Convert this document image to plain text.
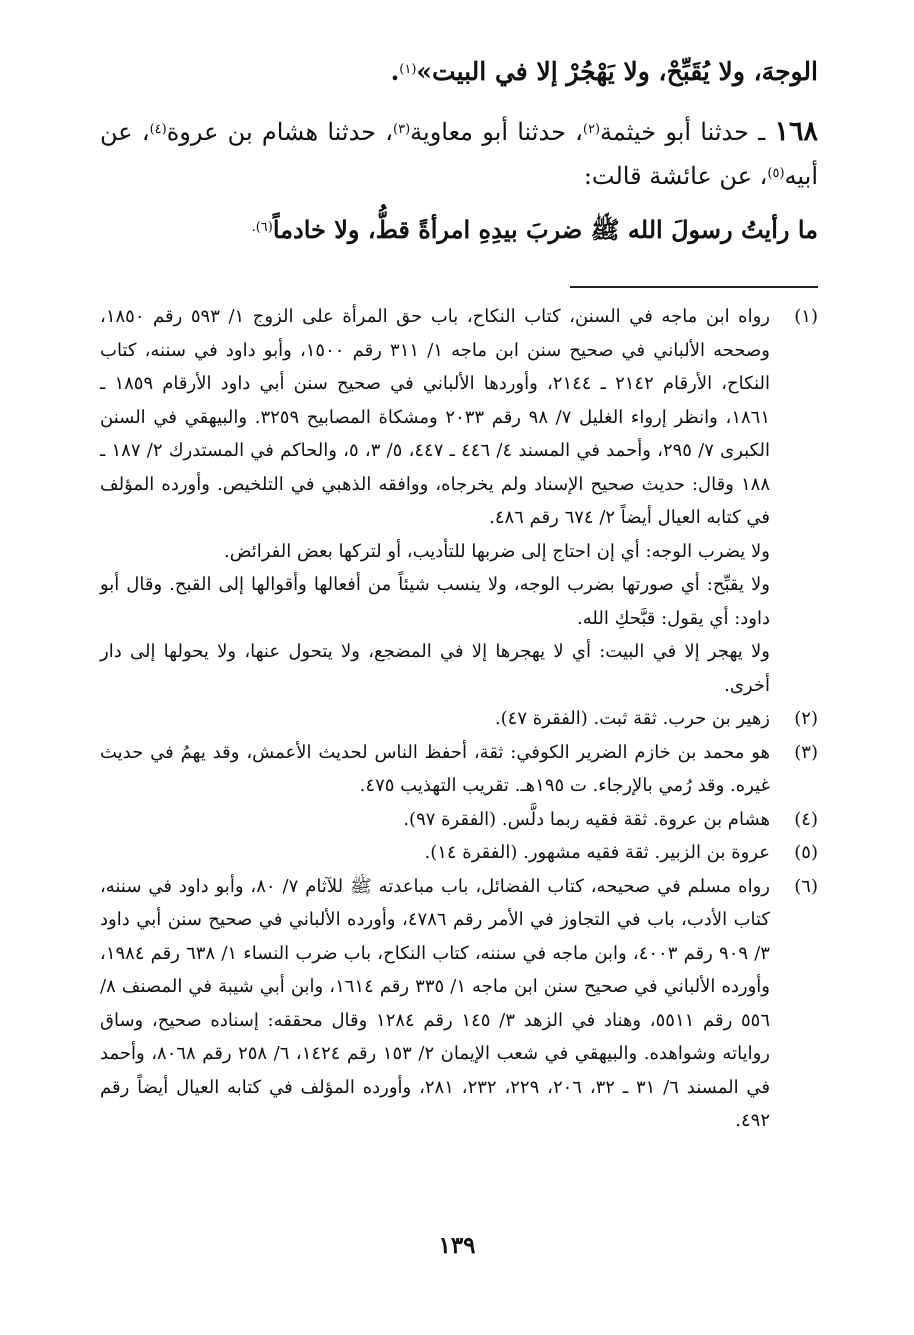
الوجهَ، ولا يُقَبِّحْ، ولا يَهْجُرْ إلا في البيت»$^{(١)}$.

١٦٨ ـ حدثنا أبو خيثمة$^{(٢)}$، حدثنا أبو معاوية$^{(٣)}$، حدثنا هشام بن عروة$^{(٤)}$، عن أبيه$^{(٥)}$، عن عائشة قالت:

ما رأيتُ رسولَ الله ﷺ ضربَ بيدِهِ امرأةً قطُّ، ولا خادماً$^{(٦).}$

(١)
رواه ابن ماجه في السنن، كتاب النكاح، باب حق المرأة على الزوج ١/ ٥٩٣ رقم ١٨٥٠، وصححه الألباني في صحيح سنن ابن ماجه ١/ ٣١١ رقم ١٥٠٠، وأبو داود في سننه، كتاب النكاح، الأرقام ٢١٤٢ ـ ٢١٤٤، وأوردها الألباني في صحيح سنن أبي داود الأرقام ١٨٥٩ ـ ١٨٦١، وانظر إرواء الغليل ٧/ ٩٨ رقم ٢٠٣٣ ومشكاة المصابيح ٣٢٥٩. والبيهقي في السنن الكبرى ٧/ ٢٩٥، وأحمد في المسند ٤/ ٤٤٦ ـ ٤٤٧، ٥/ ٣، ٥، والحاكم في المستدرك ٢/ ١٨٧ ـ ١٨٨ وقال: حديث صحيح الإسناد ولم يخرجاه، ووافقه الذهبي في التلخيص. وأورده المؤلف في كتابه العيال أيضاً ٢/ ٦٧٤ رقم ٤٨٦.
ولا يضرب الوجه: أي إن احتاج إلى ضربها للتأديب، أو لتركها بعض الفرائض.
ولا يقبِّح: أي صورتها بضرب الوجه، ولا ينسب شيئاً من أفعالها وأقوالها إلى القبح. وقال أبو داود: أي يقول: قبَّحكِ الله.
ولا يهجر إلا في البيت: أي لا يهجرها إلا في المضجع، ولا يتحول عنها، ولا يحولها إلى دار أخرى.
(٢)
زهير بن حرب. ثقة ثبت. (الفقرة ٤٧).
(٣)
هو محمد بن خازم الضرير الكوفي: ثقة، أحفظ الناس لحديث الأعمش، وقد يهمُ في حديث غيره. وقد رُمي بالإرجاء. ت ١٩٥هـ. تقريب التهذيب ٤٧٥.
(٤)
هشام بن عروة. ثقة فقيه ربما دلَّس. (الفقرة ٩٧).
(٥)
عروة بن الزبير. ثقة فقيه مشهور. (الفقرة ١٤).
(٦)
رواه مسلم في صحيحه، كتاب الفضائل، باب مباعدته ﷺ للآثام ٧/ ٨٠، وأبو داود في سننه، كتاب الأدب، باب في التجاوز في الأمر رقم ٤٧٨٦، وأورده الألباني في صحيح سنن أبي داود ٣/ ٩٠٩ رقم ٤٠٠٣، وابن ماجه في سننه، كتاب النكاح، باب ضرب النساء ١/ ٦٣٨ رقم ١٩٨٤، وأورده الألباني في صحيح سنن ابن ماجه ١/ ٣٣٥ رقم ١٦١٤، وابن أبي شيبة في المصنف ٨/ ٥٥٦ رقم ٥٥١١، وهناد في الزهد ٣/ ١٤٥ رقم ١٢٨٤ وقال محققه: إسناده صحيح، وساق رواياته وشواهده. والبيهقي في شعب الإيمان ٢/ ١٥٣ رقم ١٤٢٤، ٦/ ٢٥٨ رقم ٨٠٦٨، وأحمد في المسند ٦/ ٣١ ـ ٣٢، ٢٠٦، ٢٢٩، ٢٣٢، ٢٨١، وأورده المؤلف في كتابه العيال أيضاً رقم ٤٩٢.
١٣٩
